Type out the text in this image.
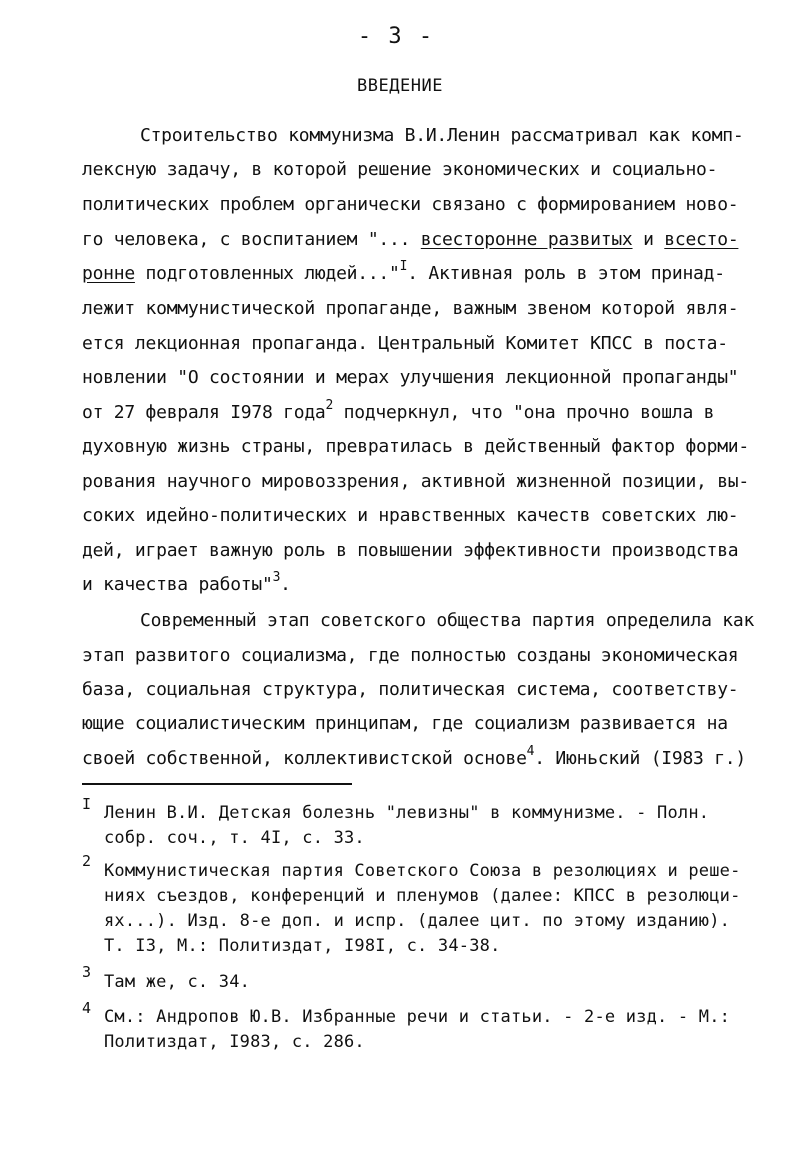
- 3 -
ВВЕДЕНИЕ
Строительство коммунизма В.И.Ленин рассматривал как комп-
лексную задачу, в которой решение экономических и социально-
политических проблем органически связано с формированием ново-
го человека, с воспитанием "... всесторонне развитых и всесто-
ронне подготовленных людей..."$^I$. Активная роль в этом принад-
лежит коммунистической пропаганде, важным звеном которой явля-
ется лекционная пропаганда. Центральный Комитет КПСС в поста-
новлении "О состоянии и мерах улучшения лекционной пропаганды"
от 27 февраля I978 года$^2$ подчеркнул, что "она прочно вошла в
духовную жизнь страны, превратилась в действенный фактор форми-
рования научного мировоззрения, активной жизненной позиции, вы-
соких идейно-политических и нравственных качеств советских лю-
дей, играет важную роль в повышении эффективности производства
и качества работы"$^3$.
Современный этап советского общества партия определила как
этап развитого социализма, где полностью созданы экономическая
база, социальная структура, политическая система, соответству-
ющие социалистическим принципам, где социализм развивается на
своей собственной, коллективистской основе$^4$. Июньский (I983 г.)
I Ленин В.И. Детская болезнь "левизны" в коммунизме. - Полн.
собр. соч., т. 4I, с. 33.
2 Коммунистическая партия Советского Союза в резолюциях и реше-
ниях съездов, конференций и пленумов (далее: КПСС в резолюци-
ях...). Изд. 8-е доп. и испр. (далее цит. по этому изданию).
Т. I3, М.: Политиздат, I98I, с. 34-38.
3 Там же, с. 34.
4 См.: Андропов Ю.В. Избранные речи и статьи. - 2-е изд. - М.:
Политиздат, I983, с. 286.
